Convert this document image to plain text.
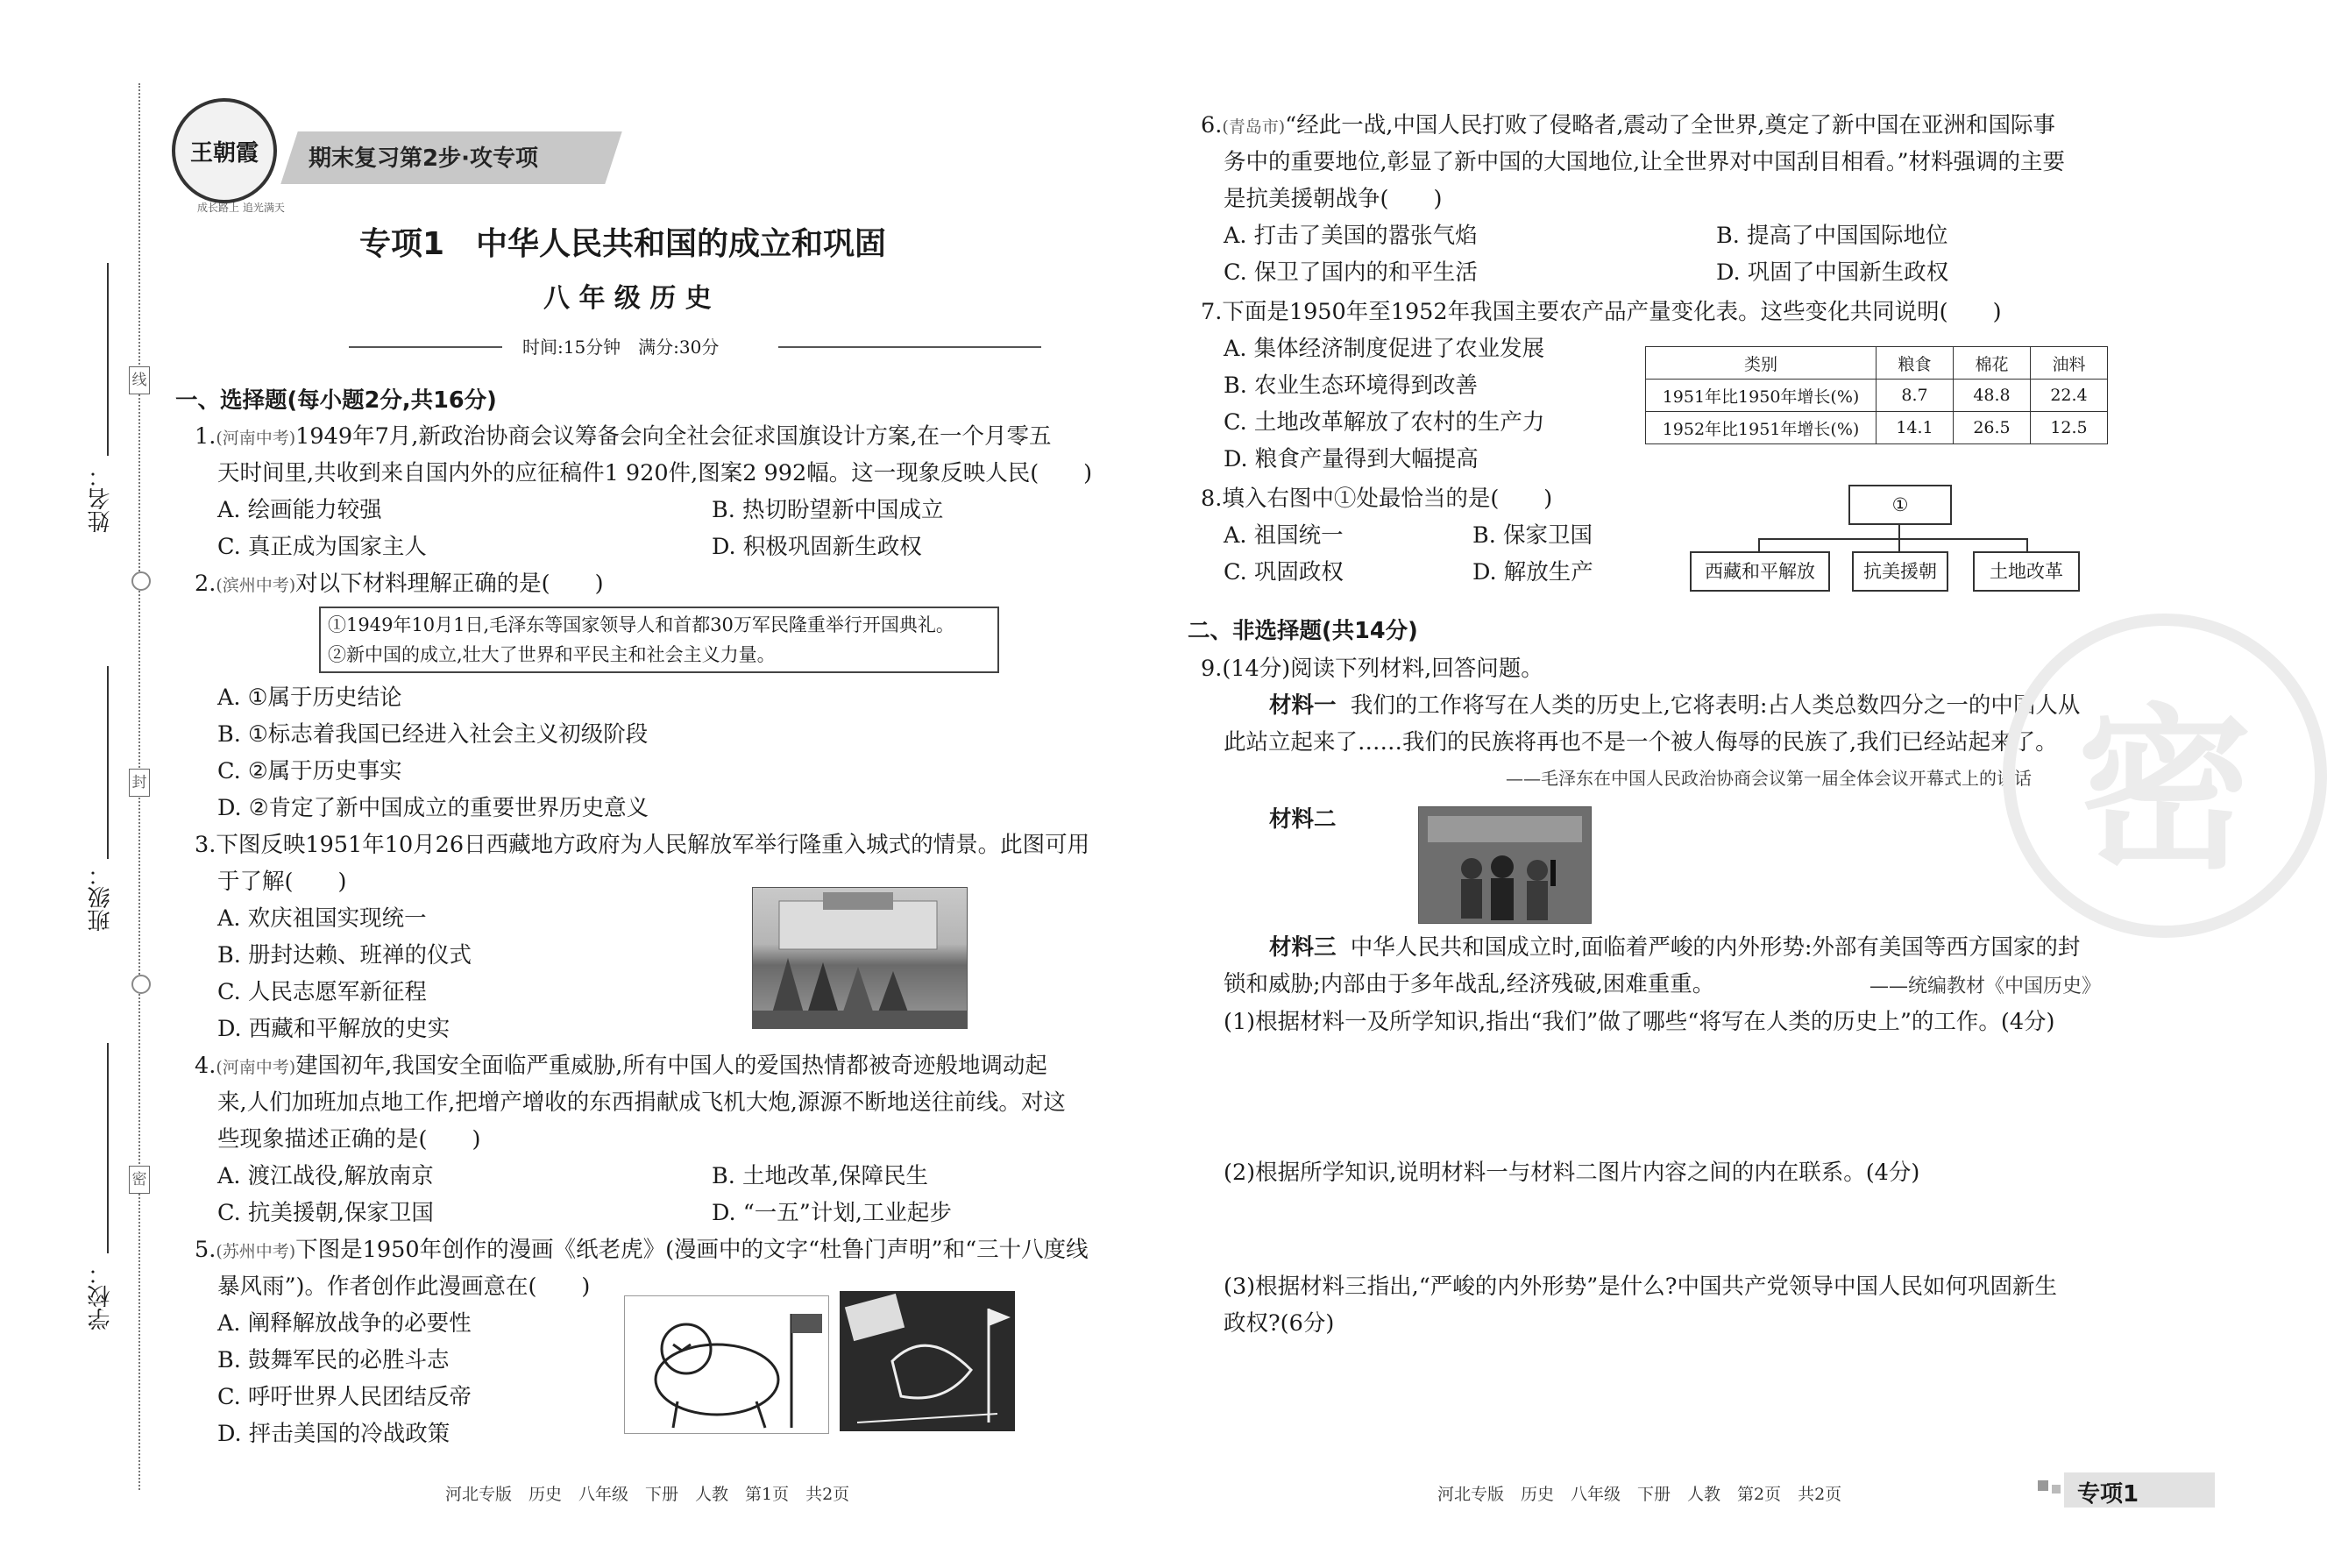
线
封
密
姓名：
班级：
学校：
王朝霞
成长路上 追光满天
期末复习第2步·攻专项
专项1　中华人民共和国的成立和巩固
八 年 级 历 史
时间:15分钟　满分:30分
一、选择题(每小题2分,共16分)
1.(河南中考)1949年7月,新政治协商会议筹备会向全社会征求国旗设计方案,在一个月零五
天时间里,共收到来自国内外的应征稿件1 920件,图案2 992幅。这一现象反映人民(　　)
A. 绘画能力较强	B. 热切盼望新中国成立
C. 真正成为国家主人	D. 积极巩固新生政权
2.(滨州中考)对以下材料理解正确的是(　　)
①1949年10月1日,毛泽东等国家领导人和首都30万军民隆重举行开国典礼。
②新中国的成立,壮大了世界和平民主和社会主义力量。
A. ①属于历史结论
B. ①标志着我国已经进入社会主义初级阶段
C. ②属于历史事实
D. ②肯定了新中国成立的重要世界历史意义
3.下图反映1951年10月26日西藏地方政府为人民解放军举行隆重入城式的情景。此图可用
于了解(　　)
A. 欢庆祖国实现统一
B. 册封达赖、班禅的仪式
C. 人民志愿军新征程
D. 西藏和平解放的史实
4.(河南中考)建国初年,我国安全面临严重威胁,所有中国人的爱国热情都被奇迹般地调动起
来,人们加班加点地工作,把增产增收的东西捐献成飞机大炮,源源不断地送往前线。对这
些现象描述正确的是(　　)
A. 渡江战役,解放南京	B. 土地改革,保障民生
C. 抗美援朝,保家卫国	D. “一五”计划,工业起步
5.(苏州中考)下图是1950年创作的漫画《纸老虎》(漫画中的文字“杜鲁门声明”和“三十八度线
暴风雨”)。作者创作此漫画意在(　　)
A. 阐释解放战争的必要性
B. 鼓舞军民的必胜斗志
C. 呼吁世界人民团结反帝
D. 抨击美国的冷战政策
6.(青岛市)“经此一战,中国人民打败了侵略者,震动了全世界,奠定了新中国在亚洲和国际事
务中的重要地位,彰显了新中国的大国地位,让全世界对中国刮目相看。”材料强调的主要
是抗美援朝战争(　　)
A. 打击了美国的嚣张气焰	B. 提高了中国国际地位
C. 保卫了国内的和平生活	D. 巩固了中国新生政权
7.下面是1950年至1952年我国主要农产品产量变化表。这些变化共同说明(　　)
A. 集体经济制度促进了农业发展
B. 农业生态环境得到改善
C. 土地改革解放了农村的生产力
D. 粮食产量得到大幅提高
类别	粮食	棉花	油料
1951年比1950年增长(%)	8.7	48.8	22.4
1952年比1951年增长(%)	14.1	26.5	12.5
8.填入右图中①处最恰当的是(　　)
A. 祖国统一	B. 保家卫国
C. 巩固政权	D. 解放生产
①
西藏和平解放	抗美援朝	土地改革
二、非选择题(共14分)
9.(14分)阅读下列材料,回答问题。
材料一 我们的工作将写在人类的历史上,它将表明:占人类总数四分之一的中国人从
此站立起来了……我们的民族将再也不是一个被人侮辱的民族了,我们已经站起来了。
——毛泽东在中国人民政治协商会议第一届全体会议开幕式上的讲话
材料二
材料三 中华人民共和国成立时,面临着严峻的内外形势:外部有美国等西方国家的封
锁和威胁;内部由于多年战乱,经济残破,困难重重。	——统编教材《中国历史》
(1)根据材料一及所学知识,指出“我们”做了哪些“将写在人类的历史上”的工作。(4分)
(2)根据所学知识,说明材料一与材料二图片内容之间的内在联系。(4分)
(3)根据材料三指出,“严峻的内外形势”是什么?中国共产党领导中国人民如何巩固新生
政权?(6分)
密
河北专版　历史　八年级　下册　人教　第1页　共2页	河北专版　历史　八年级　下册　人教　第2页　共2页	专项1
